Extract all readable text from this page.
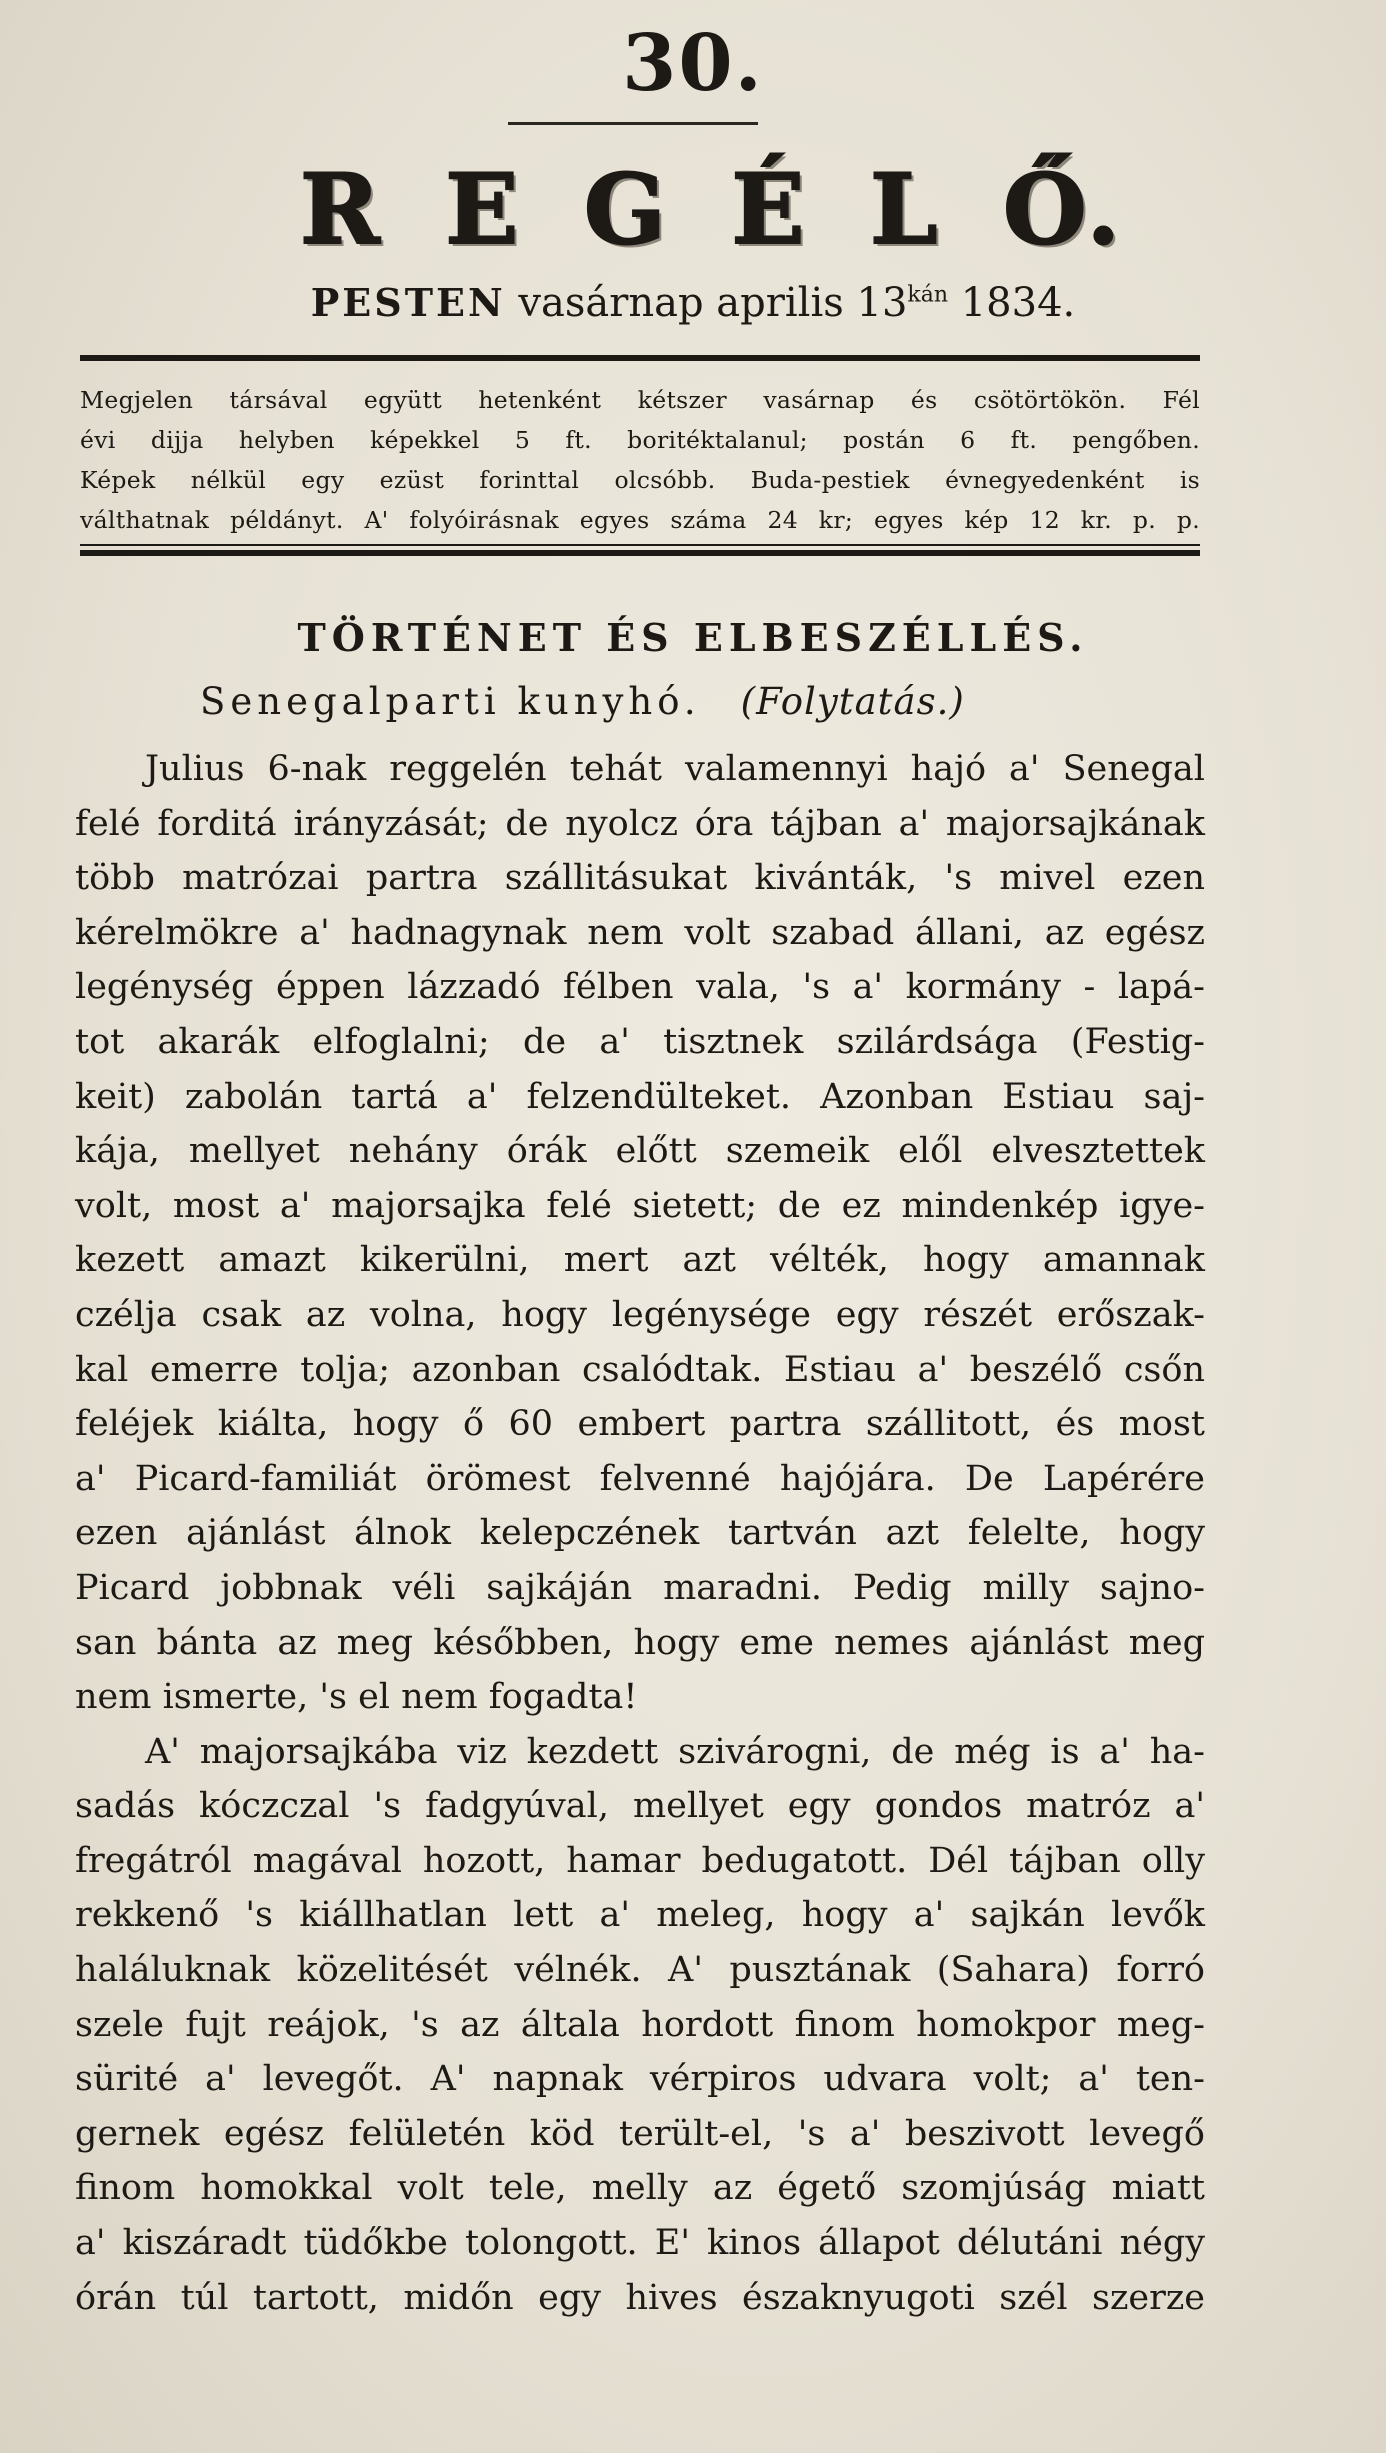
30.
R E G É L Ő.
PESTEN vasárnap aprilis $13^{kán}$ 1834.
Megjelen társával együtt hetenként kétszer vasárnap és csötörtökön. Fél
évi dijja helyben képekkel 5 ft. boritéktalanul; postán 6 ft. pengőben.
Képek nélkül egy ezüst forinttal olcsóbb. Buda-pestiek évnegyedenként is
válthatnak példányt. A' folyóirásnak egyes száma 24 kr; egyes kép 12 kr. p. p.
TÖRTÉNET ÉS ELBESZÉLLÉS.
Senegalparti kunyhó. (Folytatás.)
Julius 6-nak reggelén tehát valamennyi hajó a' Senegal
felé forditá irányzását; de nyolcz óra tájban a' majorsajkának
több matrózai partra szállitásukat kivánták, 's mivel ezen
kérelmökre a' hadnagynak nem volt szabad állani, az egész
legénység éppen lázzadó félben vala, 's a' kormány - lapá-
tot akarák elfoglalni; de a' tisztnek szilárdsága (Festig-
keit) zabolán tartá a' felzendülteket. Azonban Estiau saj-
kája, mellyet nehány órák előtt szemeik elől elvesztettek
volt, most a' majorsajka felé sietett; de ez mindenkép igye-
kezett amazt kikerülni, mert azt vélték, hogy amannak
czélja csak az volna, hogy legénysége egy részét erőszak-
kal emerre tolja; azonban csalódtak. Estiau a' beszélő csőn
feléjek kiálta, hogy ő 60 embert partra szállitott, és most
a' Picard-familiát örömest felvenné hajójára. De Lapérére
ezen ajánlást álnok kelepczének tartván azt felelte, hogy
Picard jobbnak véli sajkáján maradni. Pedig milly sajno-
san bánta az meg későbben, hogy eme nemes ajánlást meg
nem ismerte, 's el nem fogadta!
A' majorsajkába viz kezdett szivárogni, de még is a' ha-
sadás kóczczal 's fadgyúval, mellyet egy gondos matróz a'
fregátról magával hozott, hamar bedugatott. Dél tájban olly
rekkenő 's kiállhatlan lett a' meleg, hogy a' sajkán levők
haláluknak közelitését vélnék. A' pusztának (Sahara) forró
szele fujt reájok, 's az általa hordott finom homokpor meg-
sürité a' levegőt. A' napnak vérpiros udvara volt; a' ten-
gernek egész felületén köd terült-el, 's a' beszivott levegő
finom homokkal volt tele, melly az égető szomjúság miatt
a' kiszáradt tüdőkbe tolongott. E' kinos állapot délutáni négy
órán túl tartott, midőn egy hives északnyugoti szél szerze
